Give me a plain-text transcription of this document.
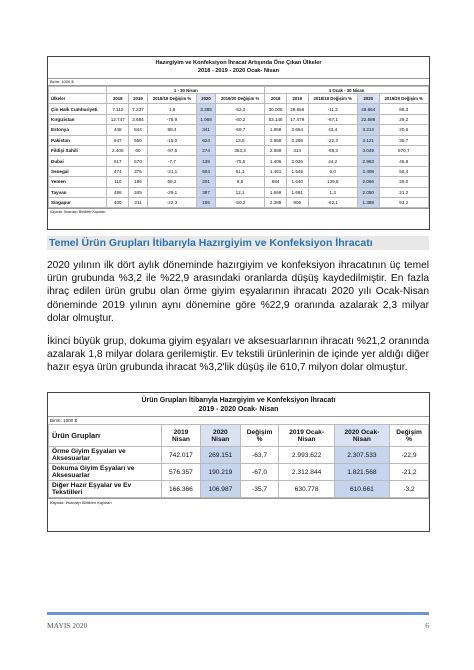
Hazırgiyim ve Konfeksiyon İhracat Artışında Öne Çıkan Ülkeler
2018 - 2019 - 2020 Ocak- Nisan
Birim: 1000 $
	1 - 30 Nisan					1 Ocak - 30 Nisan				
Ülkeler	2018	2019	2018/19 Değişim %	2020	2019/20 Değişim %	2018	2019	2018/19 Değişim %	2020	2019/20 Değişim %
Çin Halk Cumhuriyeti	7.112	7.237	1,8	3.385	-53,2	30.006	28.656	-11,2	49.664	86,3
Kırgızistan	12.747	2.684	-78,9	1.068	-60,2	53.146	17.479	-67,1	22.588	29,2
Estonya	448	844	88,4	341	-59,7	1.858	2.664	43,4	3.214	20,6
Pakistan	647	550	-15,0	624	13,5	2.958	2.299	-22,3	3.121	35,7
Fildişi Sahili	2.406	60	-97,5	274	353,3	2.689	314	-88,3	3.049	870,7
Dubai	617	570	-7,7	139	-75,5	1.406	2.026	44,2	2.953	45,8
Senegal	474	375	-21,1	604	61,1	1.461	1.549	6,0	2.408	55,4
Yemen	110	186	68,2	201	8,5	684	1.640	139,8	2.066	26,0
Tayvan	486	345	-29,1	387	12,1	1.669	1.691	1,3	2.050	21,2
Singapur	400	311	-22,3	155	-50,2	2.388	906	-62,1	1.388	53,2
Kaynak: İhracatçı Birlikleri Kayıtları
Temel Ürün Grupları İtibarıyla Hazırgiyim ve Konfeksiyon İhracatı
2020 yılının ilk dört aylık döneminde hazırgiyim ve konfeksiyon ihracatının üç temel ürün grubunda %3,2 ile %22,9 arasındaki oranlarda düşüş kaydedilmiştir. En fazla ihraç edilen ürün grubu olan örme giyim eşyalarının ihracatı 2020 yılı Ocak-Nisan döneminde 2019 yılının aynı dönemine göre %22,9 oranında azalarak 2,3 milyar dolar olmuştur.
İkinci büyük grup, dokuma giyim eşyaları ve aksesuarlarının ihracatı %21,2 oranında azalarak 1,8 milyar dolara gerilemiştir. Ev tekstili ürünlerinin de içinde yer aldığı diğer hazır eşya ürün grubunda ihracat %3,2'lik düşüş ile 610,7 milyon dolar olmuştur.
Ürün Grupları İtibarıyla Hazırgiyim ve Konfeksiyon İhracatı
2019 - 2020 Ocak- Nisan
Birim: 1000 $
Ürün Grupları	2019 Nisan	2020 Nisan	Değişim %	2019 Ocak-Nisan	2020 Ocak-Nisan	Değişim %
Örme Giyim Eşyaları ve Aksesuarlar	742.017	269.151	-63,7	2.993.622	2.307.533	-22,9
Dokuma Giyim Eşyaları ve Aksesuarlar	576.357	190.219	-67,0	2.312.844	1.821.568	-21,2
Diğer Hazır Eşyalar ve Ev Tekstilleri	166.366	106.987	-35,7	630.778	610.661	-3,2
Kaynak: İhracatçı Birlikleri Kayıtları
MAYIS 2020	6
